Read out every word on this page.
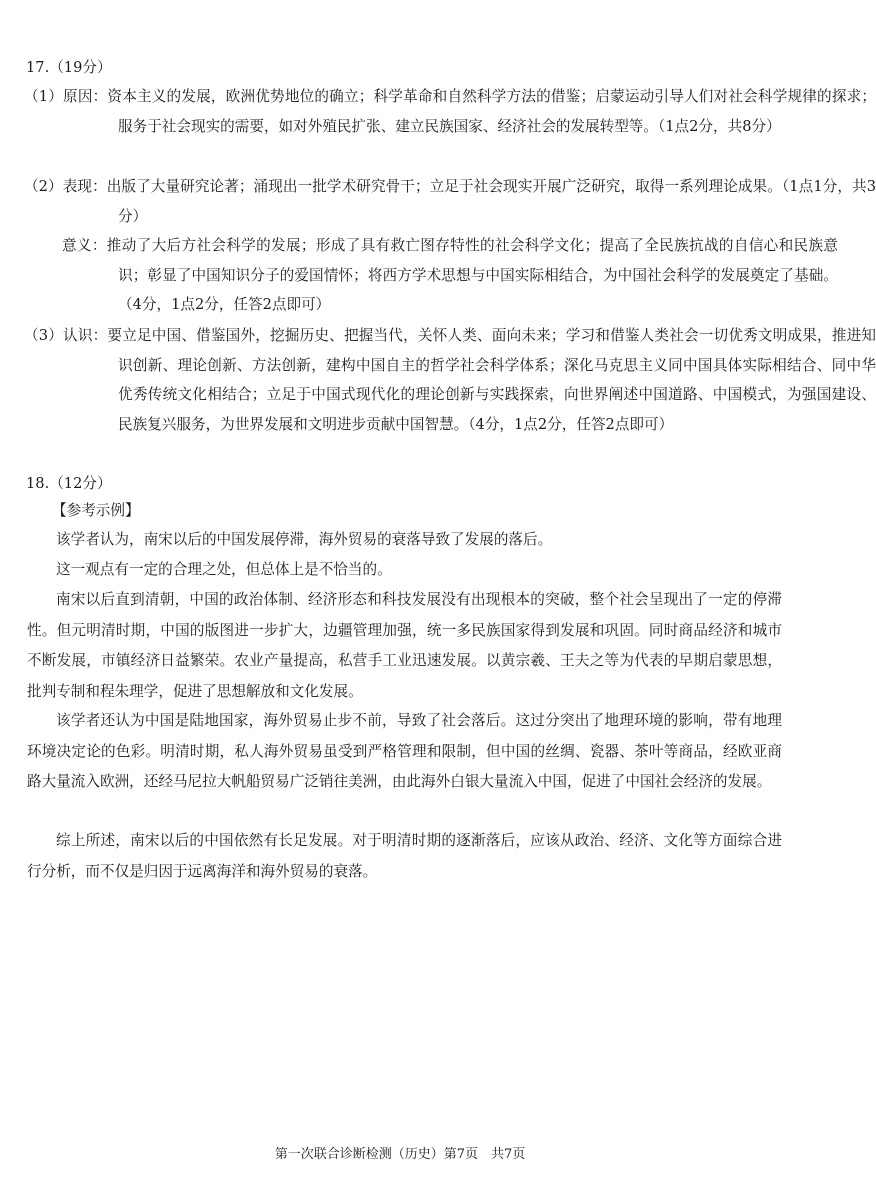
17.（19分）
（1）原因：资本主义的发展，欧洲优势地位的确立；科学革命和自然科学方法的借鉴；启蒙运动引导人们对社会科学规律的探求；服务于社会现实的需要，如对外殖民扩张、建立民族国家、经济社会的发展转型等。（1点2分，共8分）
（2）表现：出版了大量研究论著；涌现出一批学术研究骨干；立足于社会现实开展广泛研究，取得一系列理论成果。（1点1分，共3分）
意义：推动了大后方社会科学的发展；形成了具有救亡图存特性的社会科学文化；提高了全民族抗战的自信心和民族意识；彰显了中国知识分子的爱国情怀；将西方学术思想与中国实际相结合，为中国社会科学的发展奠定了基础。（4分，1点2分，任答2点即可）
（3）认识：要立足中国、借鉴国外，挖掘历史、把握当代，关怀人类、面向未来；学习和借鉴人类社会一切优秀文明成果，推进知识创新、理论创新、方法创新，建构中国自主的哲学社会科学体系；深化马克思主义同中国具体实际相结合、同中华优秀传统文化相结合；立足于中国式现代化的理论创新与实践探索，向世界阐述中国道路、中国模式，为强国建设、民族复兴服务，为世界发展和文明进步贡献中国智慧。（4分，1点2分，任答2点即可）
18.（12分）
【参考示例】
该学者认为，南宋以后的中国发展停滞，海外贸易的衰落导致了发展的落后。
这一观点有一定的合理之处，但总体上是不恰当的。
南宋以后直到清朝，中国的政治体制、经济形态和科技发展没有出现根本的突破，整个社会呈现出了一定的停滞性。但元明清时期，中国的版图进一步扩大，边疆管理加强，统一多民族国家得到发展和巩固。同时商品经济和城市不断发展，市镇经济日益繁荣。农业产量提高，私营手工业迅速发展。以黄宗羲、王夫之等为代表的早期启蒙思想，批判专制和程朱理学，促进了思想解放和文化发展。
该学者还认为中国是陆地国家，海外贸易止步不前，导致了社会落后。这过分突出了地理环境的影响，带有地理环境决定论的色彩。明清时期，私人海外贸易虽受到严格管理和限制，但中国的丝绸、瓷器、茶叶等商品，经欧亚商路大量流入欧洲，还经马尼拉大帆船贸易广泛销往美洲，由此海外白银大量流入中国，促进了中国社会经济的发展。
综上所述，南宋以后的中国依然有长足发展。对于明清时期的逐渐落后，应该从政治、经济、文化等方面综合进行分析，而不仅是归因于远离海洋和海外贸易的衰落。
第一次联合诊断检测（历史）第7页　共7页
